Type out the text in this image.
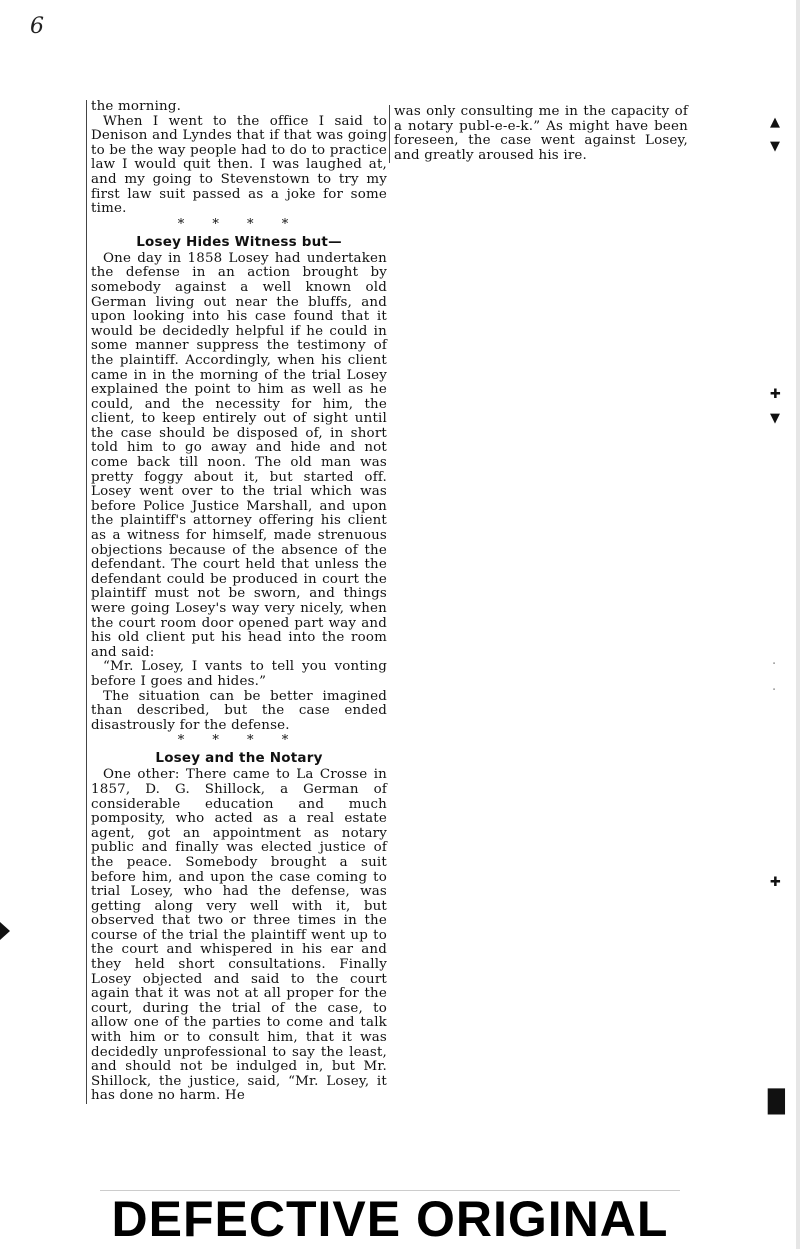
6

the morning.

When I went to the office I said to Denison and Lyndes that if that was going to be the way people had to do to practice law I would quit then. I was laughed at, and my going to Stevenstown to try my first law suit passed as a joke for some time.

* * * *
Losey Hides Witness but—

One day in 1858 Losey had undertaken the defense in an action brought by somebody against a well known old German living out near the bluffs, and upon looking into his case found that it would be decidedly helpful if he could in some manner suppress the testimony of the plaintiff. Accordingly, when his client came in in the morning of the trial Losey explained the point to him as well as he could, and the necessity for him, the client, to keep entirely out of sight until the case should be disposed of, in short told him to go away and hide and not come back till noon. The old man was pretty foggy about it, but started off. Losey went over to the trial which was before Police Justice Marshall, and upon the plaintiff's attorney offering his client as a witness for himself, made strenuous objections because of the absence of the defendant. The court held that unless the defendant could be produced in court the plaintiff must not be sworn, and things were going Losey's way very nicely, when the court room door opened part way and his old client put his head into the room and said:

“Mr. Losey, I vants to tell you vonting before I goes and hides.”

The situation can be better imagined than described, but the case ended disastrously for the defense.

* * * *
Losey and the Notary

One other: There came to La Crosse in 1857, D. G. Shillock, a German of considerable education and much pomposity, who acted as a real estate agent, got an appointment as notary public and finally was elected justice of the peace. Somebody brought a suit before him, and upon the case coming to trial Losey, who had the defense, was getting along very well with it, but observed that two or three times in the course of the trial the plaintiff went up to the court and whispered in his ear and they held short consultations. Finally Losey objected and said to the court again that it was not at all proper for the court, during the trial of the case, to allow one of the parties to come and talk with him or to consult him, that it was decidedly unprofessional to say the least, and should not be indulged in, but Mr. Shillock, the justice, said, “Mr. Losey, it has done no harm. He

was only consulting me in the capacity of a notary publ-e-e-k.” As might have been foreseen, the case went against Losey, and greatly aroused his ire.

▲
▼
✚
▼
·
·
✚
█
DEFECTIVE ORIGINAL
